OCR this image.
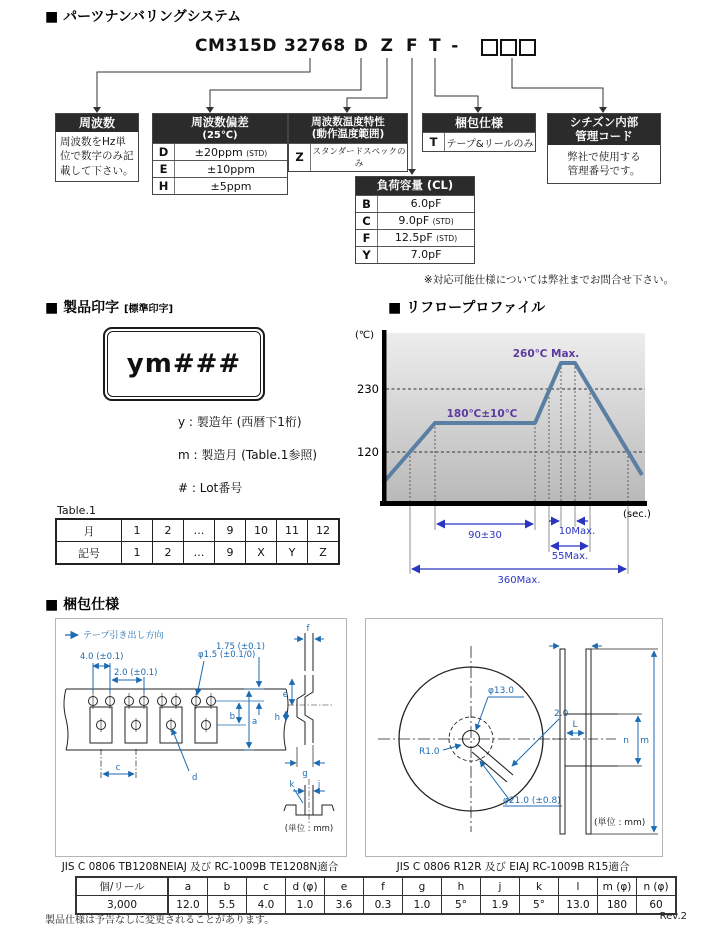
■ パーツナンバリングシステム
CM315D 32768 D Z F T -
周波数
周波数をHz単位で数字のみ記載して下さい。
周波数偏差
(25℃)
D	±20ppm (STD)
E	±10ppm
H	±5ppm
周波数温度特性
(動作温度範囲)
Z	スタンダードスペックのみ
梱包仕様
T テープ&リールのみ
シチズン内部
管理コード
弊社で使用する
管理番号です。
負荷容量 (CL)
B	6.0pF
C	9.0pF (STD)
F	12.5pF (STD)
Y	7.0pF
※対応可能仕様については弊社までお問合せ下さい。
■ 製品印字 [標準印字]
ym###
y : 製造年 (西暦下1桁)
m : 製造月 (Table.1参照)
# : Lot番号
Table.1
月	1	2	…	9	10	11	12
記号	1	2	…	9	X	Y	Z
■ リフロープロファイル
(℃)
230
120
(sec.)
260℃ Max.
180℃±10℃
90±30	10Max.
55Max.
360Max.
■ 梱包仕様
テープ引き出し方向
4.0 (±0.1)
2.0 (±0.1)
φ1.5 (±0.1/0)
1.75 (±0.1)
b a
c
d
f
e
h
g
k	j
(単位 : mm)
φ13.0
2.0
R1.0
φ21.0 (±0.8)
L
n m
(単位 : mm)
JIS C 0806 TB1208NEIAJ 及び RC-1009B TE1208N適合	JIS C 0806 R12R 及び EIAJ RC-1009B R15適合
個/リール	a	b	c	d (φ)	e	f	g	h	j	k	l	m (φ)	n (φ)
3,000	12.0	5.5	4.0	1.0	3.6	0.3	1.0	5°	1.9	5°	13.0	180	60
製品仕様は予告なしに変更されることがあります。	Rev.2
